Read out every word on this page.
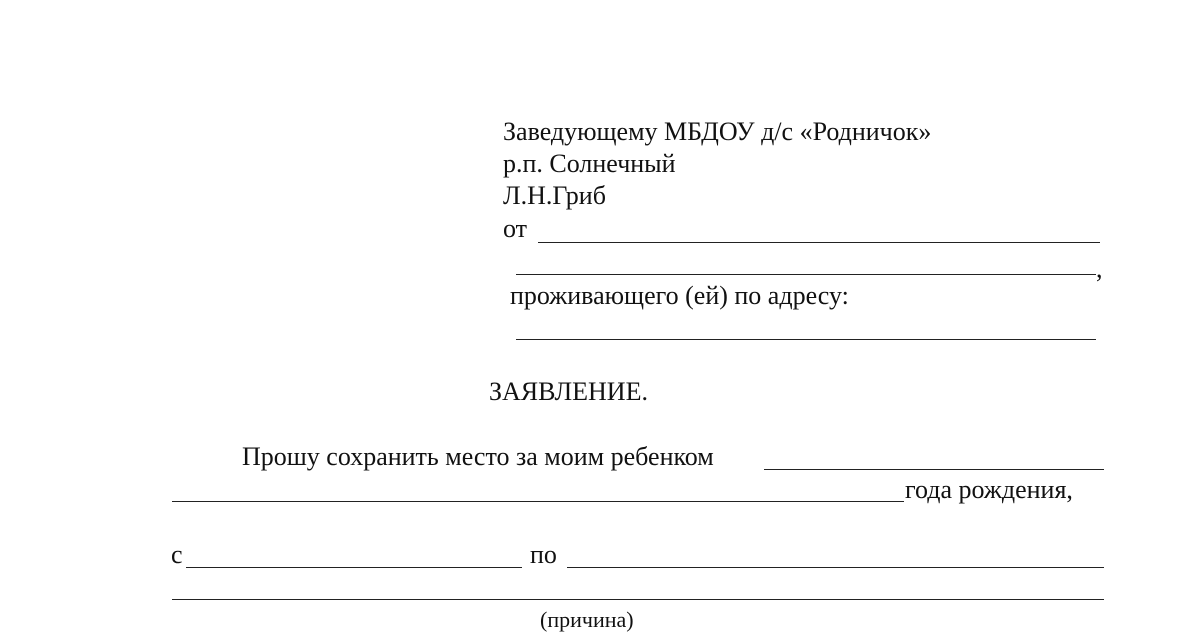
Заведующему МБДОУ д/с «Родничок»
р.п. Солнечный
Л.Н.Гриб
от
,
проживающего (ей) по адресу:
ЗАЯВЛЕНИЕ.
Прошу сохранить место за моим ребенком
года рождения,
с	по
(причина)
